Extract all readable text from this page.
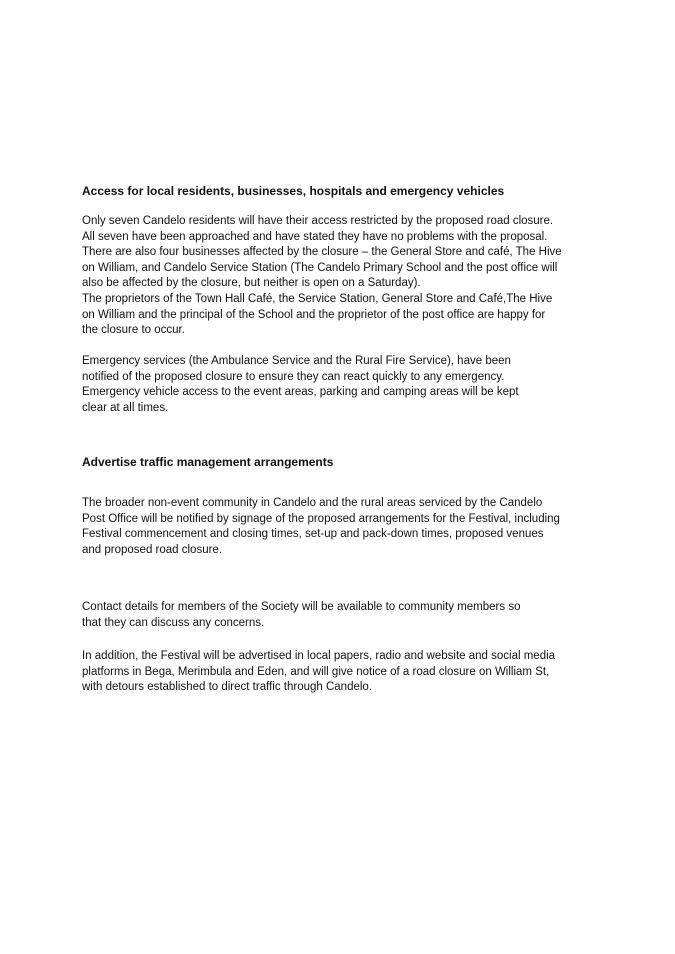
Access for local residents, businesses, hospitals and emergency vehicles
Only seven Candelo residents will have their access restricted by the proposed road closure.
All seven have been approached and have stated they have no problems with the proposal.
There are also four businesses affected by the closure – the General Store and café, The Hive
on William, and Candelo Service Station (The Candelo Primary School and the post office will
also be affected by the closure, but neither is open on a Saturday).
The proprietors of the Town Hall Café, the Service Station, General Store and Café,The Hive
on William and the principal of the School and the proprietor of the post office are happy for
the closure to occur.
Emergency services (the Ambulance Service and the Rural Fire Service), have been
notified of the proposed closure to ensure they can react quickly to any emergency.
Emergency vehicle access to the event areas, parking and camping areas will be kept
clear at all times.
Advertise traffic management arrangements
The broader non-event community in Candelo and the rural areas serviced by the Candelo
Post Office will be notified by signage of the proposed arrangements for the Festival, including
Festival commencement and closing times, set-up and pack-down times, proposed venues
and proposed road closure.
Contact details for members of the Society will be available to community members so
that they can discuss any concerns.
In addition, the Festival will be advertised in local papers, radio and website and social media
platforms in Bega, Merimbula and Eden, and will give notice of a road closure on William St,
with detours established to direct traffic through Candelo.
